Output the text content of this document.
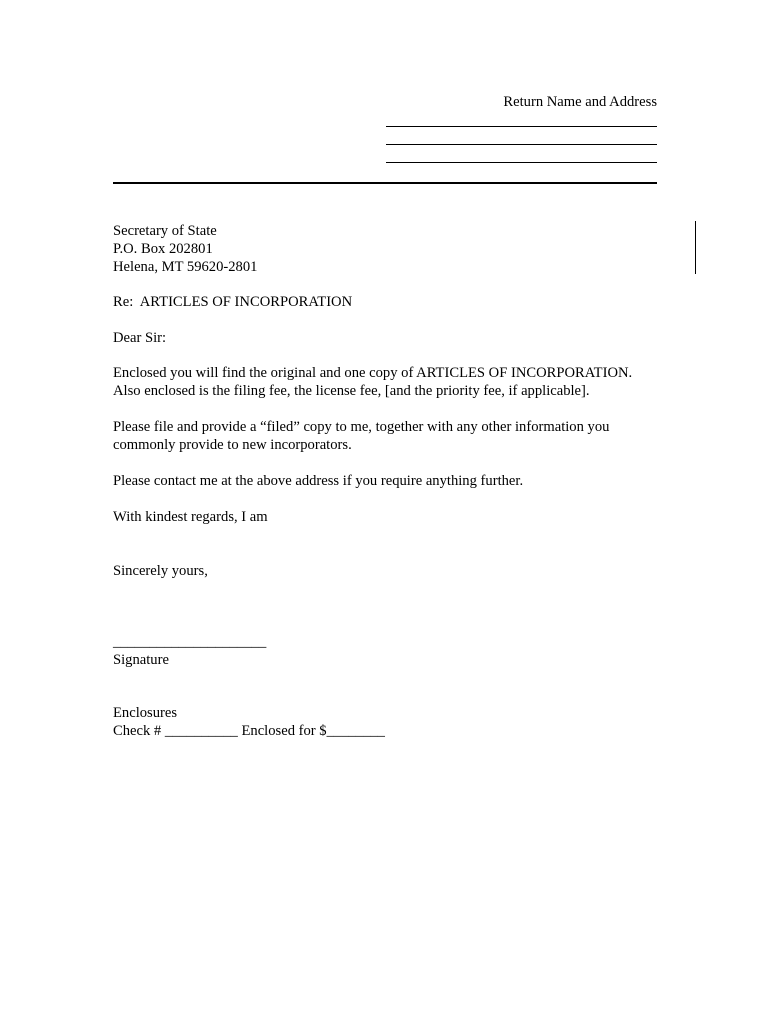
Return Name and Address
Secretary of State
P.O. Box 202801
Helena, MT 59620-2801
Re:  ARTICLES OF INCORPORATION
Dear Sir:
Enclosed you will find the original and one copy of ARTICLES OF INCORPORATION.
Also enclosed is the filing fee, the license fee, [and the priority fee, if applicable].
Please file and provide a “filed” copy to me, together with any other information you
commonly provide to new incorporators.
Please contact me at the above address if you require anything further.
With kindest regards, I am
Sincerely yours,
_____________________
Signature
Enclosures
Check # __________ Enclosed for $________
